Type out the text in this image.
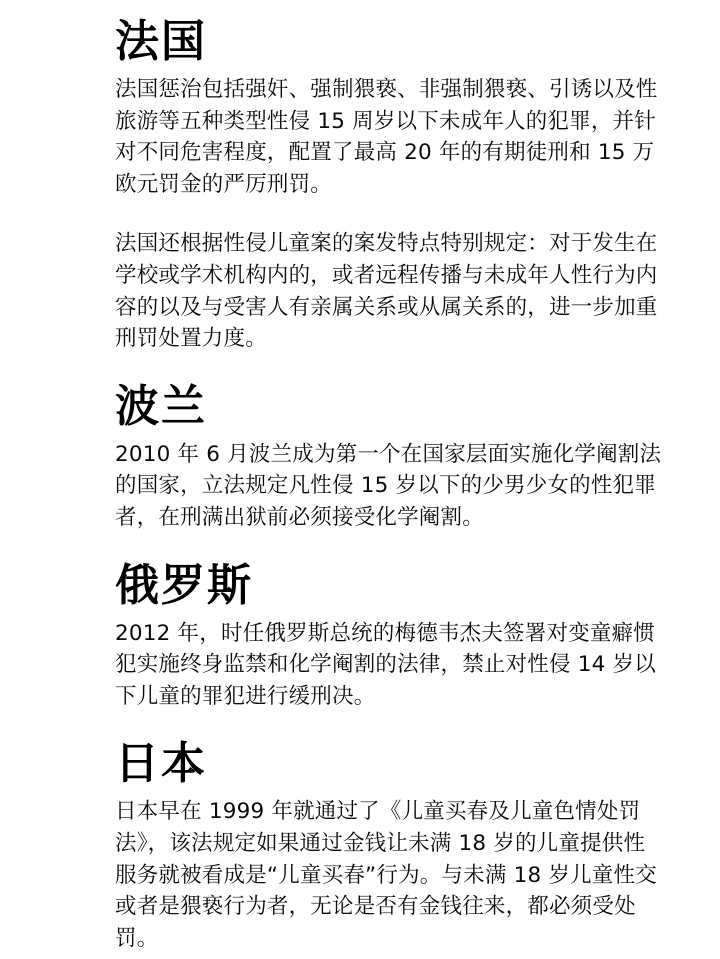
法国

法国惩治包括强奸、强制猥亵、非强制猥亵、引诱以及性旅游等五种类型性侵 15 周岁以下未成年人的犯罪，并针对不同危害程度，配置了最高 20 年的有期徒刑和 15 万欧元罚金的严厉刑罚。

法国还根据性侵儿童案的案发特点特别规定：对于发生在学校或学术机构内的，或者远程传播与未成年人性行为内容的以及与受害人有亲属关系或从属关系的，进一步加重刑罚处置力度。

波兰

2010 年 6 月波兰成为第一个在国家层面实施化学阉割法的国家，立法规定凡性侵 15 岁以下的少男少女的性犯罪者，在刑满出狱前必须接受化学阉割。

俄罗斯

2012 年，时任俄罗斯总统的梅德韦杰夫签署对变童癖惯犯实施终身监禁和化学阉割的法律，禁止对性侵 14 岁以下儿童的罪犯进行缓刑决。

日本

日本早在 1999 年就通过了《儿童买春及儿童色情处罚法》，该法规定如果通过金钱让未满 18 岁的儿童提供性服务就被看成是“儿童买春”行为。与未满 18 岁儿童性交或者是猥亵行为者，无论是否有金钱往来，都必须受处罚。
